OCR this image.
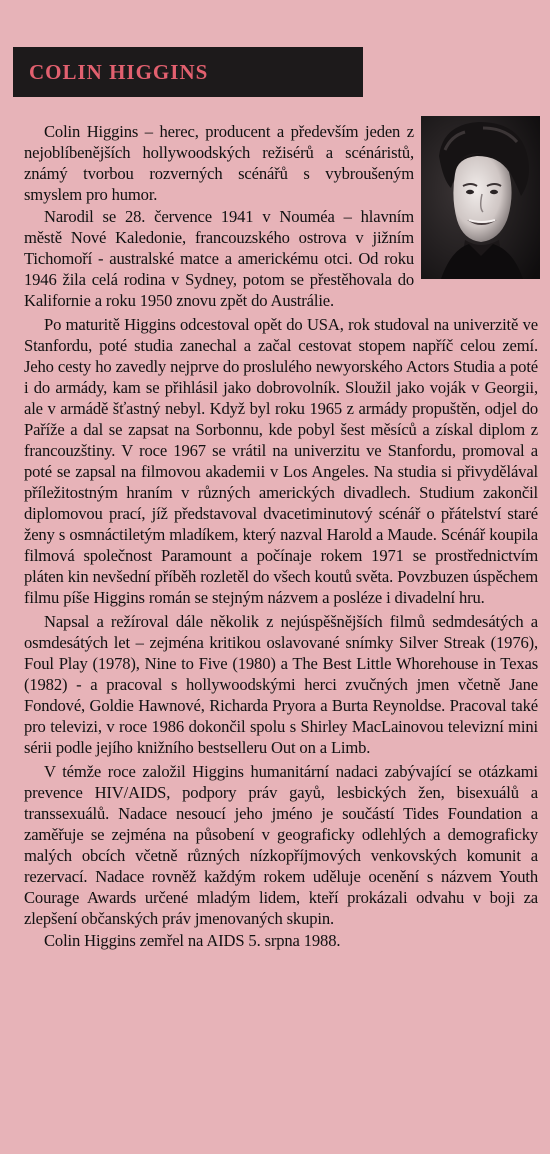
COLIN HIGGINS

Colin Higgins – herec, producent a především jeden z nejoblíbenějších hollywoodských režisérů a scénáristů, známý tvorbou rozverných scénářů s vybroušeným smyslem pro humor.

Narodil se 28. července 1941 v Nouméa – hlavním městě Nové Kaledonie, francouzského ostrova v jižním Tichomoří - australské matce a americkému otci. Od roku 1946 žila celá rodina v Sydney, potom se přestěhovala do Kalifornie a roku 1950 znovu zpět do Austrálie.

Po maturitě Higgins odcestoval opět do USA, rok studoval na univerzitě ve Stanfordu, poté studia zanechal a začal cestovat stopem napříč celou zemí. Jeho cesty ho zavedly nejprve do proslulého newyorského Actors Studia a poté i do armády, kam se přihlásil jako dobrovolník. Sloužil jako voják v Georgii, ale v armádě šťastný nebyl. Když byl roku 1965 z armády propuštěn, odjel do Paříže a dal se zapsat na Sorbonnu, kde pobyl šest měsíců a získal diplom z francouzštiny. V roce 1967 se vrátil na univerzitu ve Stanfordu, promoval a poté se zapsal na filmovou akademii v Los Angeles. Na studia si přivydělával příležitostným hraním v různých amerických divadlech. Studium zakončil diplomovou prací, jíž představoval dvacetiminutový scénář o přátelství staré ženy s osmnáctiletým mladíkem, který nazval Harold a Maude. Scénář koupila filmová společnost Paramount a počínaje rokem 1971 se prostřednictvím pláten kin nevšední příběh rozletěl do všech koutů světa. Povzbuzen úspěchem filmu píše Higgins román se stejným názvem a posléze i divadelní hru.

Napsal a režíroval dále několik z nejúspěšnějších filmů sedmdesátých a osmdesátých let – zejména kritikou oslavované snímky Silver Streak (1976), Foul Play (1978), Nine to Five (1980) a The Best Little Whorehouse in Texas (1982) - a pracoval s hollywoodskými herci zvučných jmen včetně Jane Fondové, Goldie Hawnové, Richarda Pryora a Burta Reynoldse. Pracoval také pro televizi, v roce 1986 dokončil spolu s Shirley MacLainovou televizní mini sérii podle jejího knižního bestselleru Out on a Limb.

V témže roce založil Higgins humanitární nadaci zabývající se otázkami prevence HIV/AIDS, podpory práv gayů, lesbických žen, bisexuálů a transsexuálů. Nadace nesoucí jeho jméno je součástí Tides Foundation a zaměřuje se zejména na působení v geograficky odlehlých a demograficky malých obcích včetně různých nízkopříjmových venkovských komunit a rezervací. Nadace rovněž každým rokem uděluje ocenění s názvem Youth Courage Awards určené mladým lidem, kteří prokázali odvahu v boji za zlepšení občanských práv jmenovaných skupin.

Colin Higgins zemřel na AIDS 5. srpna 1988.
